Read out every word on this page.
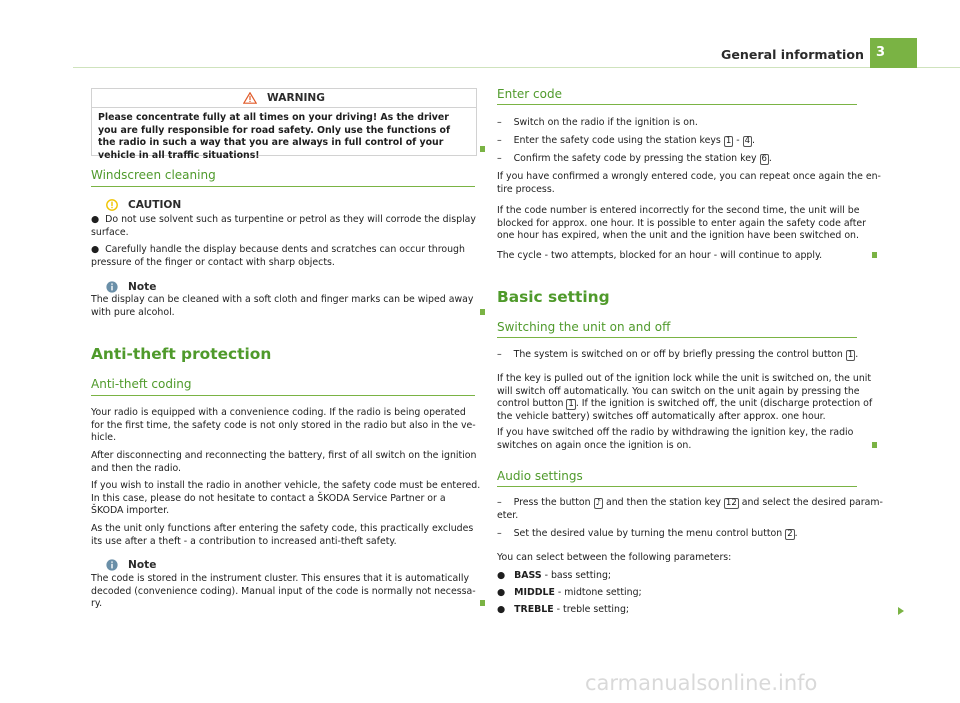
General information 3
WARNING
Please concentrate fully at all times on your driving! As the driver you are fully responsible for road safety. Only use the functions of the radio in such a way that you are always in full control of your vehicle in all traffic situations!
Windscreen cleaning
CAUTION
●  Do not use solvent such as turpentine or petrol as they will corrode the display surface.
●  Carefully handle the display because dents and scratches can occur through pressure of the finger or contact with sharp objects.
Note
The display can be cleaned with a soft cloth and finger marks can be wiped away with pure alcohol.
Anti-theft protection
Anti-theft coding
Your radio is equipped with a convenience coding. If the radio is being operated for the first time, the safety code is not only stored in the radio but also in the ve-hicle.
After disconnecting and reconnecting the battery, first of all switch on the ignition and then the radio.
If you wish to install the radio in another vehicle, the safety code must be entered. In this case, please do not hesitate to contact a ŠKODA Service Partner or a ŠKODA importer.
As the unit only functions after entering the safety code, this practically excludes its use after a theft - a contribution to increased anti-theft safety.
Note
The code is stored in the instrument cluster. This ensures that it is automatically decoded (convenience coding). Manual input of the code is normally not necessa-ry.
Enter code
–    Switch on the radio if the ignition is on.
–    Enter the safety code using the station keys 1 - 4 .
–    Confirm the safety code by pressing the station key 6 .
If you have confirmed a wrongly entered code, you can repeat once again the en-tire process.
If the code number is entered incorrectly for the second time, the unit will be blocked for approx. one hour. It is possible to enter again the safety code after one hour has expired, when the unit and the ignition have been switched on.
The cycle - two attempts, blocked for an hour - will continue to apply.
Basic setting
Switching the unit on and off
–    The system is switched on or off by briefly pressing the control button 1 .
If the key is pulled out of the ignition lock while the unit is switched on, the unit will switch off automatically. You can switch on the unit again by pressing the control button 1 . If the ignition is switched off, the unit (discharge protection of the vehicle battery) switches off automatically after approx. one hour.
If you have switched off the radio by withdrawing the ignition key, the radio switches on again once the ignition is on.
Audio settings
–    Press the button ♪ and then the station key 12 and select the desired param-eter.
–    Set the desired value by turning the menu control button 2 .
You can select between the following parameters:
●   BASS - bass setting;
●   MIDDLE - midtone setting;
●   TREBLE - treble setting;
carmanualsonline.info
